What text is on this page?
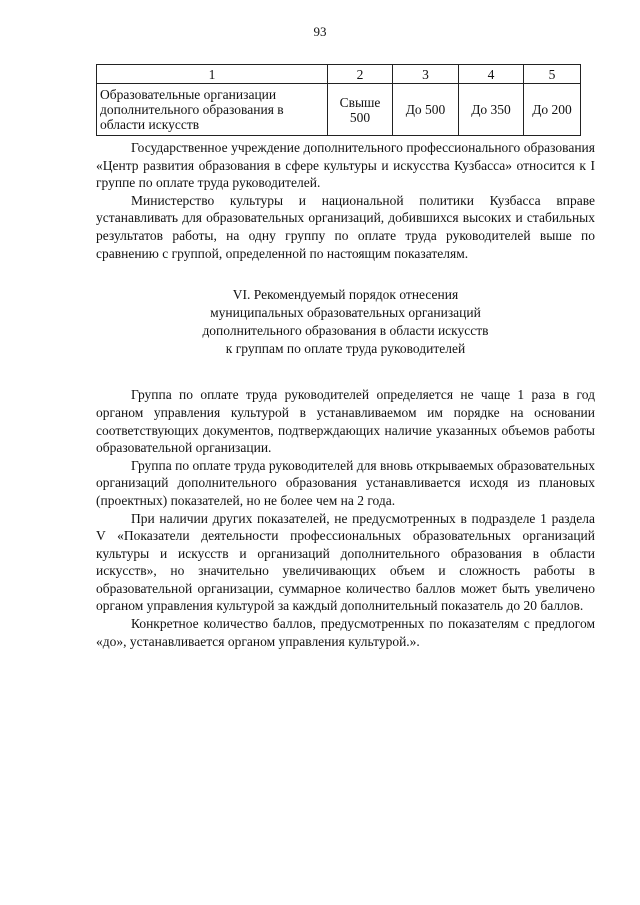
93
1	2	3	4	5
Образовательные организации дополнительного образования в области искусств	Свыше 500	До 500	До 350	До 200

Государственное учреждение дополнительного профессионального образования «Центр развития образования в сфере культуры и искусства Кузбасса» относится к I группе по оплате труда руководителей.

Министерство культуры и национальной политики Кузбасса вправе устанавливать для образовательных организаций, добившихся высоких и стабильных результатов работы, на одну группу по оплате труда руководителей выше по сравнению с группой, определенной по настоящим показателям.

VI. Рекомендуемый порядок отнесения

муниципальных образовательных организаций

дополнительного образования в области искусств

к группам по оплате труда руководителей

Группа по оплате труда руководителей определяется не чаще 1 раза в год органом управления культурой в устанавливаемом им порядке на основании соответствующих документов, подтверждающих наличие указанных объемов работы образовательной организации.

Группа по оплате труда руководителей для вновь открываемых образовательных организаций дополнительного образования устанавливается исходя из плановых (проектных) показателей, но не более чем на 2 года.

При наличии других показателей, не предусмотренных в подразделе 1 раздела V «Показатели деятельности профессиональных образовательных организаций культуры и искусств и организаций дополнительного образования в области искусств», но значительно увеличивающих объем и сложность работы в образовательной организации, суммарное количество баллов может быть увеличено органом управления культурой за каждый дополнительный показатель до 20 баллов.

Конкретное количество баллов, предусмотренных по показателям с предлогом «до», устанавливается органом управления культурой.».
